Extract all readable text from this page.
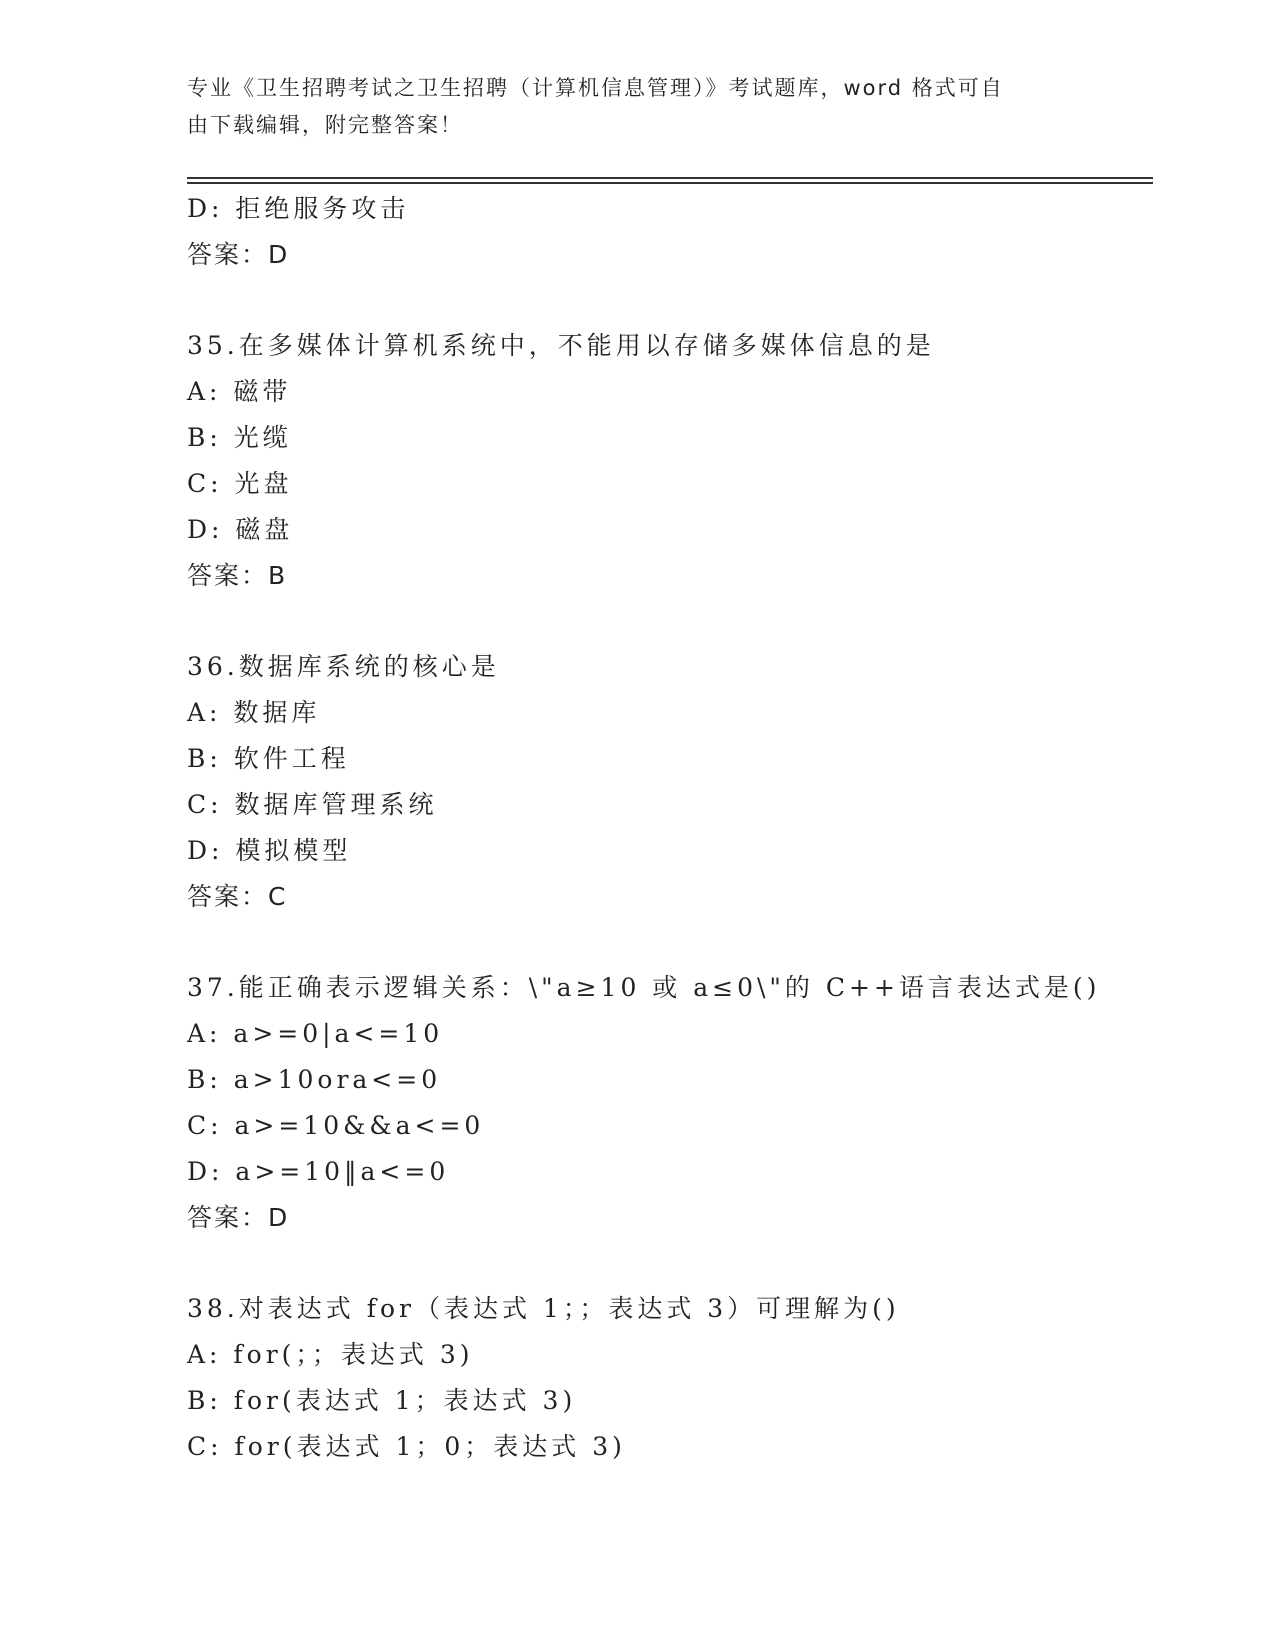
专业《卫生招聘考试之卫生招聘（计算机信息管理）》考试题库，word 格式可自
由下载编辑，附完整答案！
D: 拒绝服务攻击
答案：D
35.在多媒体计算机系统中，不能用以存储多媒体信息的是
A: 磁带
B: 光缆
C: 光盘
D: 磁盘
答案：B
36.数据库系统的核心是
A: 数据库
B: 软件工程
C: 数据库管理系统
D: 模拟模型
答案：C
37.能正确表示逻辑关系：\"a≥10 或 a≤0\"的 C++语言表达式是()
A: a>=0|a<=10
B: a>10ora<=0
C: a>=10&&a<=0
D: a>=10‖a<=0
答案：D
38.对表达式 for（表达式 1；；表达式 3）可理解为()
A: for(；；表达式 3)
B: for(表达式 1；表达式 3)
C: for(表达式 1；0；表达式 3)
